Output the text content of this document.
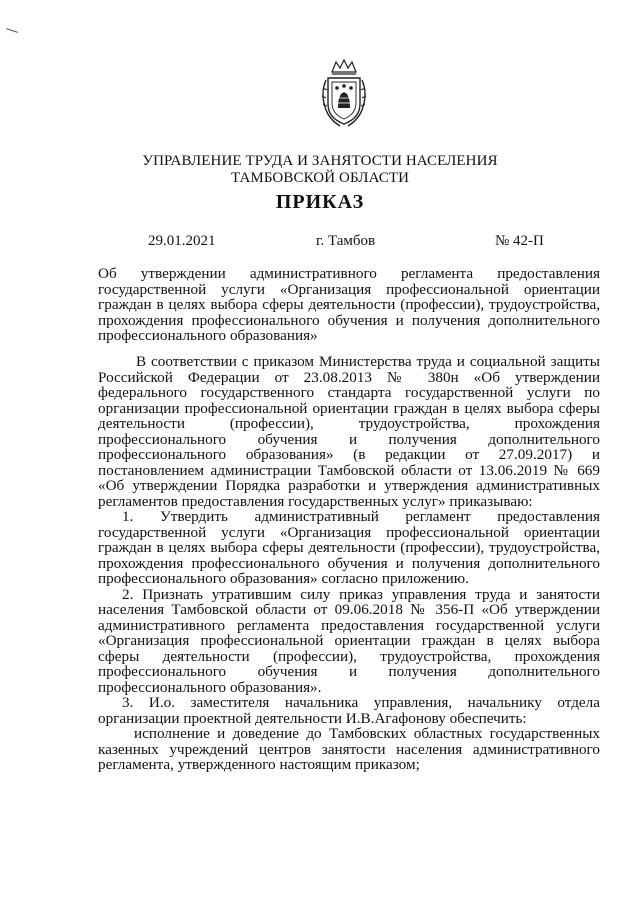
УПРАВЛЕНИЕ ТРУДА И ЗАНЯТОСТИ НАСЕЛЕНИЯ
ТАМБОВСКОЙ ОБЛАСТИ
ПРИКАЗ
29.01.2021	г. Тамбов	№ 42-П
Об утверждении административного регламента предоставления государственной услуги «Организация профессиональной ориентации граждан в целях выбора сферы деятельности (профессии), трудоустройства, прохождения профессионального обучения и получения дополнительного профессионального образования»

В соответствии с приказом Министерства труда и социальной защиты Российской Федерации от 23.08.2013 № 380н «Об утверждении федерального государственного стандарта государственной услуги по организации профессиональной ориентации граждан в целях выбора сферы деятельности (профессии), трудоустройства, прохождения профессионального обучения и получения дополнительного профессионального образования» (в редакции от 27.09.2017) и постановлением администрации Тамбовской области от 13.06.2019 № 669 «Об утверждении Порядка разработки и утверждения административных регламентов предоставления государственных услуг» приказываю:

1. Утвердить административный регламент предоставления государственной услуги «Организация профессиональной ориентации граждан в целях выбора сферы деятельности (профессии), трудоустройства, прохождения профессионального обучения и получения дополнительного профессионального образования» согласно приложению.

2. Признать утратившим силу приказ управления труда и занятости населения Тамбовской области от 09.06.2018 № 356-П «Об утверждении административного регламента предоставления государственной услуги «Организация профессиональной ориентации граждан в целях выбора сферы деятельности (профессии), трудоустройства, прохождения профессионального обучения и получения дополнительного профессионального образования».

3. И.о. заместителя начальника управления, начальнику отдела организации проектной деятельности И.В.Агафонову обеспечить:

исполнение и доведение до Тамбовских областных государственных казенных учреждений центров занятости населения административного регламента, утвержденного настоящим приказом;
